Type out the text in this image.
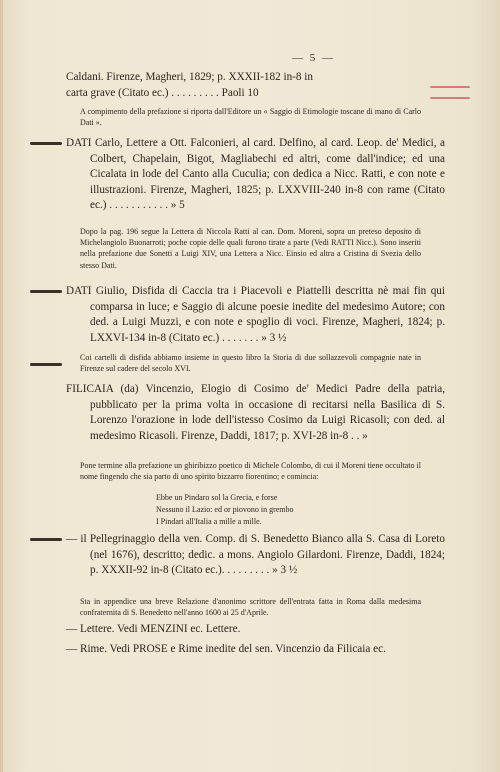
— 5 —
Caldani. Firenze, Magheri, 1829; p. XXXII-182 in-8 in
carta grave (Citato ec.) . . . . . . . . . Paoli 10
A compimento della prefazione si riporta dall'Editore un « Saggio di Etimologie toscane di mano di Carlo Dati ».
DATI Carlo, Lettere a Ott. Falconieri, al card. Delfino, al card. Leop. de' Medici, a Colbert, Chapelain, Bigot, Magliabechi ed altri, come dall'indice; ed una Cicalata in lode del Canto alla Cuculia; con dedica a Nicc. Ratti, e con note e illustrazioni. Firenze, Magheri, 1825; p. LXXVIII-240 in-8 con rame (Citato ec.) . . . . . . . . . . . » 5
Dopo la pag. 196 segue la Lettera di Niccola Ratti al can. Dom. Moreni, sopra un preteso deposito di Michelangiolo Buonarroti; poche copie delle quali furono tirate a parte (Vedi RATTI Nicc.). Sono inseriti nella prefazione due Sonetti a Luigi XIV, una Lettera a Nicc. Einsio ed altra a Cristina di Svezia dello stesso Dati.
DATI Giulio, Disfida di Caccia tra i Piacevoli e Piattelli descritta nè mai fin qui comparsa in luce; e Saggio di alcune poesie inedite del medesimo Autore; con ded. a Luigi Muzzi, e con note e spoglio di voci. Firenze, Magheri, 1824; p. LXXVI-134 in-8 (Citato ec.) . . . . . . . » 3 ½
Coi cartelli di disfida abbiamo insieme in questo libro la Storia di due sollazzevoli compagnie nate in Firenze sul cadere del secolo XVI.
FILICAIA (da) Vincenzio, Elogio di Cosimo de' Medici Padre della patria, pubblicato per la prima volta in occasione di recitarsi nella Basilica di S. Lorenzo l'orazione in lode dell'istesso Cosimo da Luigi Ricasoli; con ded. al medesimo Ricasoli. Firenze, Daddi, 1817; p. XVI-28 in-8 . . »
Pone termine alla prefazione un ghiribizzo poetico di Michele Colombo, di cui il Moreni tiene occultato il nome fingendo che sia parto di uno spirito bizzarro fiorentino; e comincia:
Ebbe un Pindaro sol la Grecia, e forse
Nessuno il Lazio: ed or piovono in grembo
I Pindari all'Italia a mille a mille.
— il Pellegrinaggio della ven. Comp. di S. Benedetto Bianco alla S. Casa di Loreto (nel 1676), descritto; dedic. a mons. Angiolo Gilardoni. Firenze, Daddi, 1824; p. XXXII-92 in-8 (Citato ec.). . . . . . . . . » 3 ½
Sta in appendice una breve Relazione d'anonimo scrittore dell'entrata fatta in Roma dalla medesima confraternita di S. Benedetto nell'anno 1600 ai 25 d'Aprile.
— Lettere. Vedi MENZINI ec. Lettere.
— Rime. Vedi PROSE e Rime inedite del sen. Vincenzio da Filicaia ec.
